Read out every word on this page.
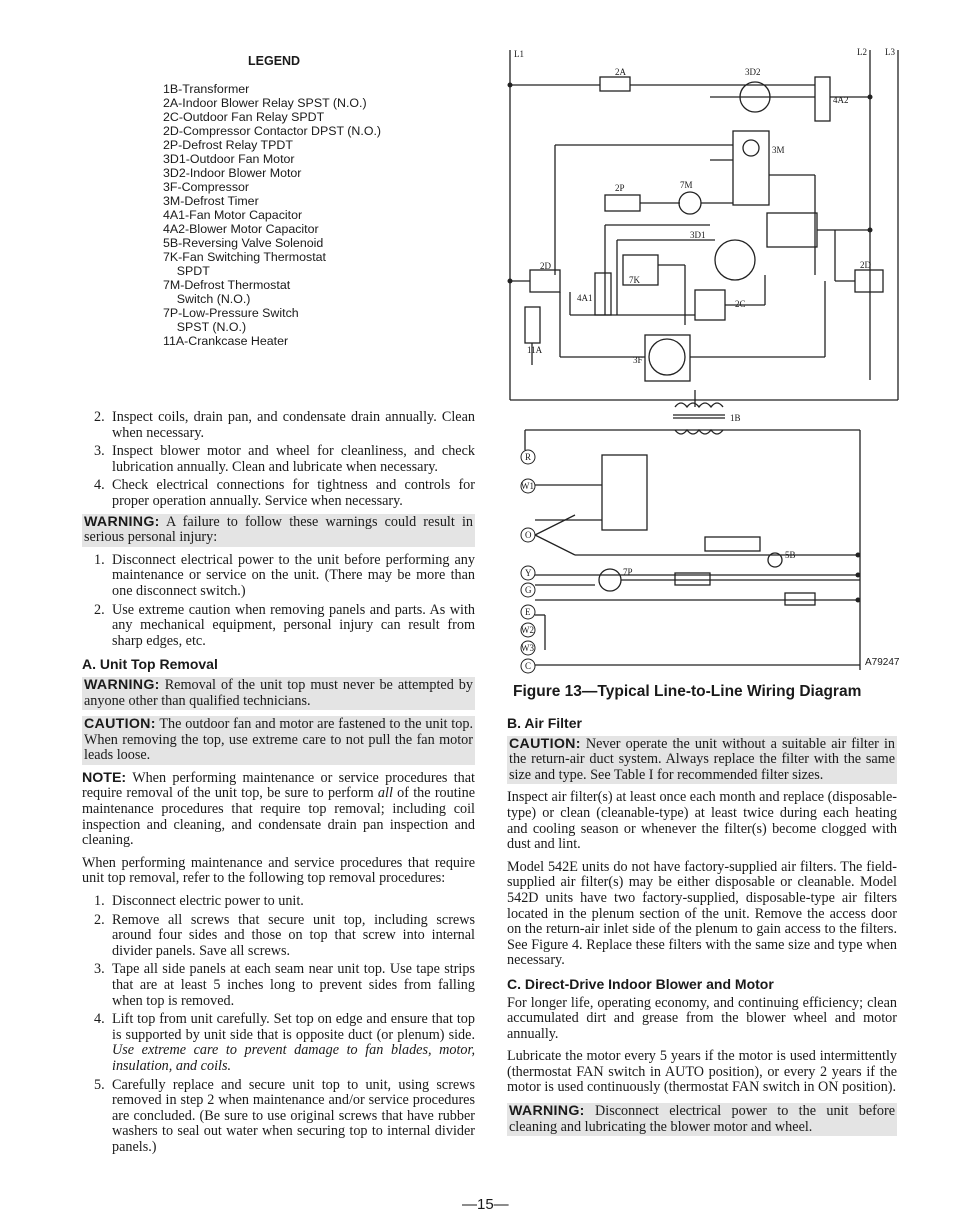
LEGEND
1B-Transformer
2A-Indoor Blower Relay SPST (N.O.)
2C-Outdoor Fan Relay SPDT
2D-Compressor Contactor DPST (N.O.)
2P-Defrost Relay TPDT
3D1-Outdoor Fan Motor
3D2-Indoor Blower Motor
3F-Compressor
3M-Defrost Timer
4A1-Fan Motor Capacitor
4A2-Blower Motor Capacitor
5B-Reversing Valve Solenoid
7K-Fan Switching Thermostat
SPDT
7M-Defrost Thermostat
Switch (N.O.)
7P-Low-Pressure Switch
SPST (N.O.)
11A-Crankcase Heater
2. Inspect coils, drain pan, and condensate drain annually. Clean when necessary.
3. Inspect blower motor and wheel for cleanliness, and check lubrication annually. Clean and lubricate when necessary.
4. Check electrical connections for tightness and controls for proper operation annually. Service when necessary.
WARNING: A failure to follow these warnings could result in serious personal injury:
1. Disconnect electrical power to the unit before performing any maintenance or service on the unit. (There may be more than one disconnect switch.)
2. Use extreme caution when removing panels and parts. As with any mechanical equipment, personal injury can result from sharp edges, etc.
A. Unit Top Removal
WARNING: Removal of the unit top must never be attempted by anyone other than qualified technicians.
CAUTION: The outdoor fan and motor are fastened to the unit top. When removing the top, use extreme care to not pull the fan motor leads loose.

NOTE: When performing maintenance or service procedures that require removal of the unit top, be sure to perform all of the routine maintenance procedures that require top removal; including coil inspection and cleaning, and condensate drain pan inspection and cleaning.

When performing maintenance and service procedures that require unit top removal, refer to the following top removal procedures:

1. Disconnect electric power to unit.
2. Remove all screws that secure unit top, including screws around four sides and those on top that screw into internal divider panels. Save all screws.
3. Tape all side panels at each seam near unit top. Use tape strips that are at least 5 inches long to prevent sides from falling when top is removed.
4. Lift top from unit carefully. Set top on edge and ensure that top is supported by unit side that is opposite duct (or plenum) side. Use extreme care to prevent damage to fan blades, motor, insulation, and coils.
5. Carefully replace and secure unit top to unit, using screws removed in step 2 when maintenance and/or service procedures are concluded. (Be sure to use original screws that have rubber washers to seal out water when securing top to internal divider panels.)
L1	L2 L3
2A	3D2
4A2
3M
2P	7M
3D1
2D
7K
4A1
2C
11A
2D
3F
1B
5B
7P
R
W1
O
Y
G
E
W2
W3
C	A79247
Figure 13—Typical Line-to-Line Wiring Diagram
B. Air Filter
CAUTION: Never operate the unit without a suitable air filter in the return-air duct system. Always replace the filter with the same size and type. See Table I for recommended filter sizes.

Inspect air filter(s) at least once each month and replace (disposable-type) or clean (cleanable-type) at least twice during each heating and cooling season or whenever the filter(s) become clogged with dust and lint.

Model 542E units do not have factory-supplied air filters. The field-supplied air filter(s) may be either disposable or cleanable. Model 542D units have two factory-supplied, disposable-type air filters located in the plenum section of the unit. Remove the access door on the return-air inlet side of the plenum to gain access to the filters. See Figure 4. Replace these filters with the same size and type when necessary.

C. Direct-Drive Indoor Blower and Motor

For longer life, operating economy, and continuing efficiency; clean accumulated dirt and grease from the blower wheel and motor annually.

Lubricate the motor every 5 years if the motor is used intermittently (thermostat FAN switch in AUTO position), or every 2 years if the motor is used continuously (thermostat FAN switch in ON position).

WARNING: Disconnect electrical power to the unit before cleaning and lubricating the blower motor and wheel.
—15—
